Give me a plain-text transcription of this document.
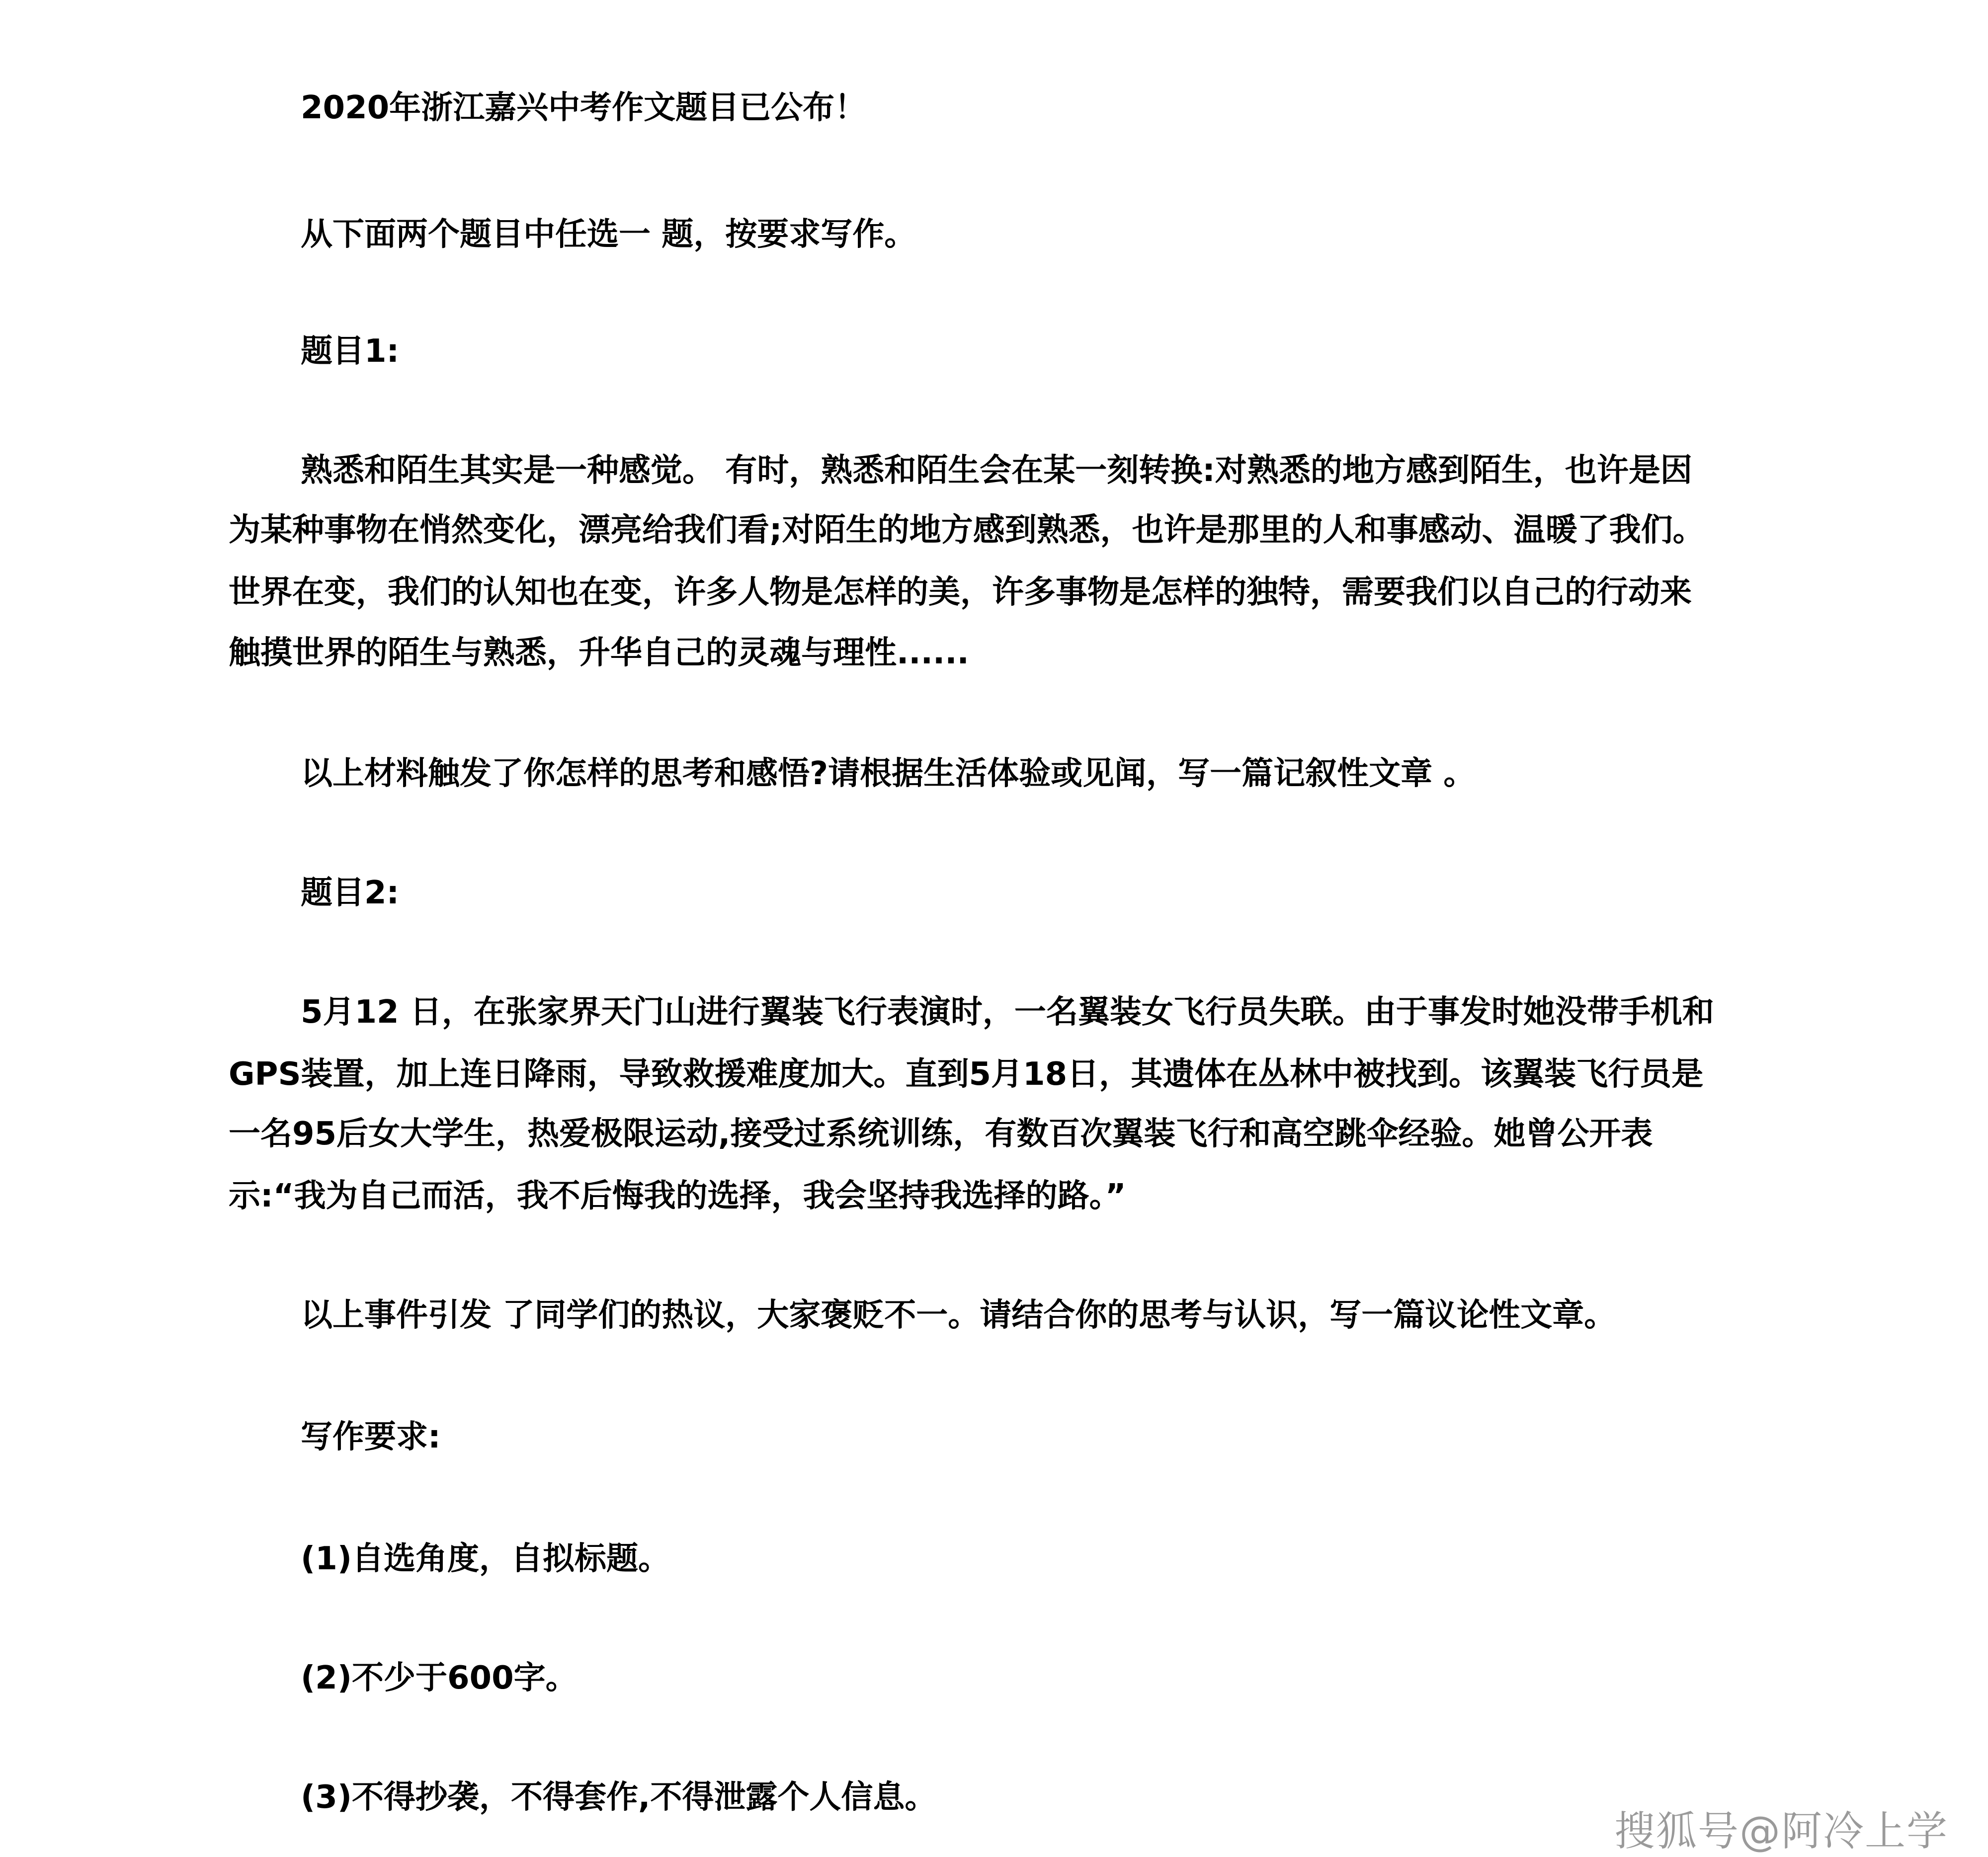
2020年浙江嘉兴中考作文题目已公布！
从下面两个题目中任选一 题，按要求写作。
题目1:
熟悉和陌生其实是一种感觉。 有时，熟悉和陌生会在某一刻转换:对熟悉的地方感到陌生，也许是因
为某种事物在悄然变化，漂亮给我们看;对陌生的地方感到熟悉，也许是那里的人和事感动、温暖了我们。
世界在变，我们的认知也在变，许多人物是怎样的美，许多事物是怎样的独特，需要我们以自己的行动来
触摸世界的陌生与熟悉，升华自己的灵魂与理性......
以上材料触发了你怎样的思考和感悟?请根据生活体验或见闻，写一篇记叙性文章 。
题目2:
5月12 日，在张家界天门山进行翼装飞行表演时，一名翼装女飞行员失联。由于事发时她没带手机和
GPS装置，加上连日降雨，导致救援难度加大。直到5月18日，其遗体在丛林中被找到。该翼装飞行员是
一名95后女大学生，热爱极限运动,接受过系统训练，有数百次翼装飞行和高空跳伞经验。她曾公开表
示:“我为自己而活，我不后悔我的选择，我会坚持我选择的路。”
以上事件引发 了同学们的热议，大家褒贬不一。请结合你的思考与认识，写一篇议论性文章。
写作要求:
(1)自选角度，自拟标题。
(2)不少于600字。
(3)不得抄袭，不得套作,不得泄露个人信息。
搜狐号@阿冷上学
